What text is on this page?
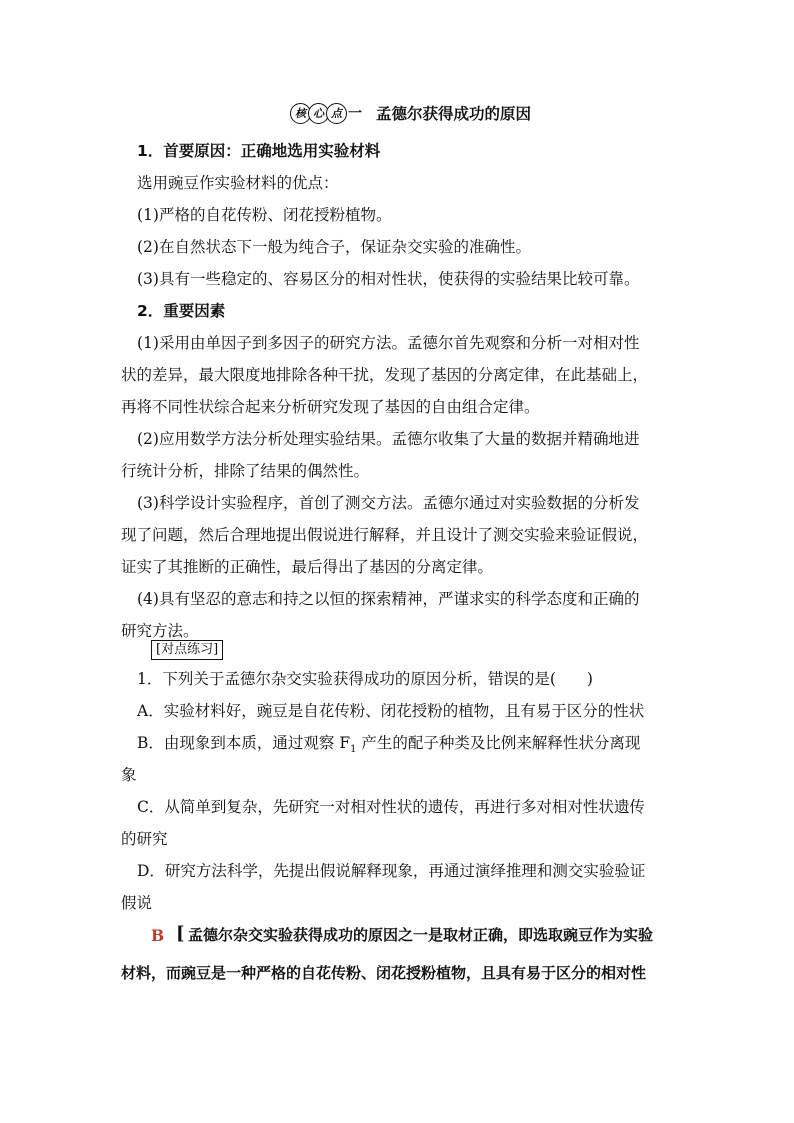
核 心 点 一 孟德尔获得成功的原因
1．首要原因：正确地选用实验材料
选用豌豆作实验材料的优点：
(1)严格的自花传粉、闭花授粉植物。
(2)在自然状态下一般为纯合子，保证杂交实验的准确性。
(3)具有一些稳定的、容易区分的相对性状，使获得的实验结果比较可靠。
2．重要因素
(1)采用由单因子到多因子的研究方法。孟德尔首先观察和分析一对相对性
状的差异，最大限度地排除各种干扰，发现了基因的分离定律，在此基础上，
再将不同性状综合起来分析研究发现了基因的自由组合定律。
(2)应用数学方法分析处理实验结果。孟德尔收集了大量的数据并精确地进
行统计分析，排除了结果的偶然性。
(3)科学设计实验程序，首创了测交方法。孟德尔通过对实验数据的分析发
现了问题，然后合理地提出假说进行解释，并且设计了测交实验来验证假说，
证实了其推断的正确性，最后得出了基因的分离定律。
(4)具有坚忍的意志和持之以恒的探索精神，严谨求实的科学态度和正确的
研究方法。
[对点练习]
1．下列关于孟德尔杂交实验获得成功的原因分析，错误的是(　　)
A．实验材料好，豌豆是自花传粉、闭花授粉的植物，且有易于区分的性状
B．由现象到本质，通过观察 $F_1$ 产生的配子种类及比例来解释性状分离现
象
C．从简单到复杂，先研究一对相对性状的遗传，再进行多对相对性状遗传
的研究
D．研究方法科学，先提出假说解释现象，再通过演绎推理和测交实验验证
假说
B [ 孟德尔杂交实验获得成功的原因之一是取材正确，即选取豌豆作为实验
材料，而豌豆是一种严格的自花传粉、闭花授粉植物，且具有易于区分的相对性
